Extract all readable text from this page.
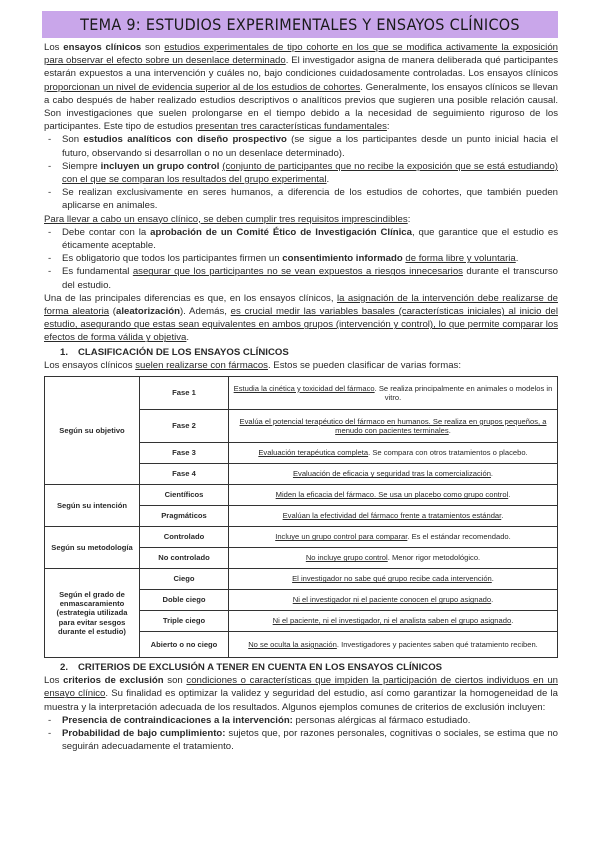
TEMA 9: ESTUDIOS EXPERIMENTALES Y ENSAYOS CLÍNICOS

Los ensayos clínicos son estudios experimentales de tipo cohorte en los que se modifica activamente la exposición para observar el efecto sobre un desenlace determinado. El investigador asigna de manera deliberada qué participantes estarán expuestos a una intervención y cuáles no, bajo condiciones cuidadosamente controladas. Los ensayos clínicos proporcionan un nivel de evidencia superior al de los estudios de cohortes. Generalmente, los ensayos clínicos se llevan a cabo después de haber realizado estudios descriptivos o analíticos previos que sugieren una posible relación causal. Son investigaciones que suelen prolongarse en el tiempo debido a la necesidad de seguimiento riguroso de los participantes. Este tipo de estudios presentan tres características fundamentales:

- Son estudios analíticos con diseño prospectivo (se sigue a los participantes desde un punto inicial hacia el futuro, observando si desarrollan o no un desenlace determinado).
- Siempre incluyen un grupo control (conjunto de participantes que no recibe la exposición que se está estudiando) con el que se comparan los resultados del grupo experimental.
- Se realizan exclusivamente en seres humanos, a diferencia de los estudios de cohortes, que también pueden aplicarse en animales.

Para llevar a cabo un ensayo clínico, se deben cumplir tres requisitos imprescindibles:

- Debe contar con la aprobación de un Comité Ético de Investigación Clínica, que garantice que el estudio es éticamente aceptable.
- Es obligatorio que todos los participantes firmen un consentimiento informado de forma libre y voluntaria.
- Es fundamental asegurar que los participantes no se vean expuestos a riesgos innecesarios durante el transcurso del estudio.

Una de las principales diferencias es que, en los ensayos clínicos, la asignación de la intervención debe realizarse de forma aleatoria (aleatorización). Además, es crucial medir las variables basales (características iniciales) al inicio del estudio, asegurando que estas sean equivalentes en ambos grupos (intervención y control), lo que permite comparar los efectos de forma válida y objetiva.

1. CLASIFICACIÓN DE LOS ENSAYOS CLÍNICOS

Los ensayos clínicos suelen realizarse con fármacos. Estos se pueden clasificar de varias formas:

Según su objetivo	Fase 1	Estudia la cinética y toxicidad del fármaco. Se realiza principalmente en animales o modelos in vitro.
	Fase 2	Evalúa el potencial terapéutico del fármaco en humanos. Se realiza en grupos pequeños, a menudo con pacientes terminales.
	Fase 3	Evaluación terapéutica completa. Se compara con otros tratamientos o placebo.
	Fase 4	Evaluación de eficacia y seguridad tras la comercialización.
Según su intención	Científicos	Miden la eficacia del fármaco. Se usa un placebo como grupo control.
	Pragmáticos	Evalúan la efectividad del fármaco frente a tratamientos estándar.
Según su metodología	Controlado	Incluye un grupo control para comparar. Es el estándar recomendado.
	No controlado	No incluye grupo control. Menor rigor metodológico.
Según el grado de enmascaramiento (estrategia utilizada para evitar sesgos durante el estudio)	Ciego	El investigador no sabe qué grupo recibe cada intervención.
	Doble ciego	Ni el investigador ni el paciente conocen el grupo asignado.
	Triple ciego	Ni el paciente, ni el investigador, ni el analista saben el grupo asignado.
	Abierto o no ciego	No se oculta la asignación. Investigadores y pacientes saben qué tratamiento reciben.
2. CRITERIOS DE EXCLUSIÓN A TENER EN CUENTA EN LOS ENSAYOS CLÍNICOS

Los criterios de exclusión son condiciones o características que impiden la participación de ciertos individuos en un ensayo clínico. Su finalidad es optimizar la validez y seguridad del estudio, así como garantizar la homogeneidad de la muestra y la interpretación adecuada de los resultados. Algunos ejemplos comunes de criterios de exclusión incluyen:

- Presencia de contraindicaciones a la intervención: personas alérgicas al fármaco estudiado.
- Probabilidad de bajo cumplimiento: sujetos que, por razones personales, cognitivas o sociales, se estima que no seguirán adecuadamente el tratamiento.
